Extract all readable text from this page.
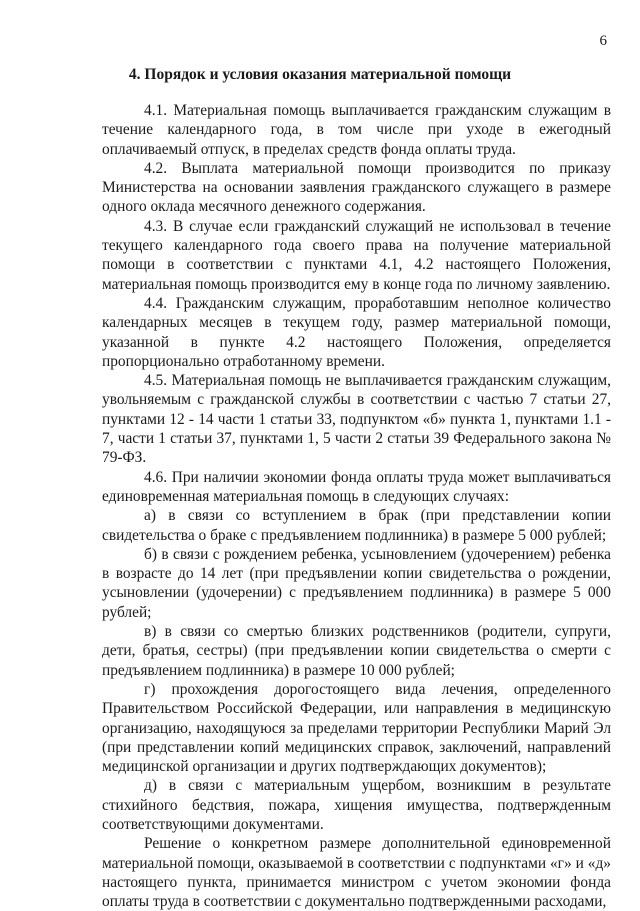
6
4. Порядок и условия оказания материальной помощи

4.1. Материальная помощь выплачивается гражданским служащим в течение календарного года, в том числе при уходе в ежегодный оплачиваемый отпуск, в пределах средств фонда оплаты труда.

4.2. Выплата материальной помощи производится по приказу Министерства на основании заявления гражданского служащего в размере одного оклада месячного денежного содержания.

4.3. В случае если гражданский служащий не использовал в течение текущего календарного года своего права на получение материальной помощи в соответствии с пунктами 4.1, 4.2 настоящего Положения, материальная помощь производится ему в конце года по личному заявлению.

4.4. Гражданским служащим, проработавшим неполное количество календарных месяцев в текущем году, размер материальной помощи, указанной в пункте 4.2 настоящего Положения, определяется пропорционально отработанному времени.

4.5. Материальная помощь не выплачивается гражданским служащим, увольняемым с гражданской службы в соответствии с частью 7 статьи 27, пунктами 12 - 14 части 1 статьи 33, подпунктом «б» пункта 1, пунктами 1.1 - 7, части 1 статьи 37, пунктами 1, 5 части 2 статьи 39 Федерального закона № 79-ФЗ.

4.6. При наличии экономии фонда оплаты труда может выплачиваться единовременная материальная помощь в следующих случаях:

а) в связи со вступлением в брак (при представлении копии свидетельства о браке с предъявлением подлинника) в размере 5 000 рублей;

б) в связи с рождением ребенка, усыновлением (удочерением) ребенка в возрасте до 14 лет (при предъявлении копии свидетельства о рождении, усыновлении (удочерении) с предъявлением подлинника) в размере 5 000 рублей;

в) в связи со смертью близких родственников (родители, супруги, дети, братья, сестры) (при предъявлении копии свидетельства о смерти с предъявлением подлинника) в размере 10 000 рублей;

г) прохождения дорогостоящего вида лечения, определенного Правительством Российской Федерации, или направления в медицинскую организацию, находящуюся за пределами территории Республики Марий Эл (при представлении копий медицинских справок, заключений, направлений медицинской организации и других подтверждающих документов);

д) в связи с материальным ущербом, возникшим в результате стихийного бедствия, пожара, хищения имущества, подтвержденным соответствующими документами.

Решение о конкретном размере дополнительной единовременной материальной помощи, оказываемой в соответствии с подпунктами «г» и «д» настоящего пункта, принимается министром с учетом экономии фонда оплаты труда в соответствии с документально подтвержденными расходами,
